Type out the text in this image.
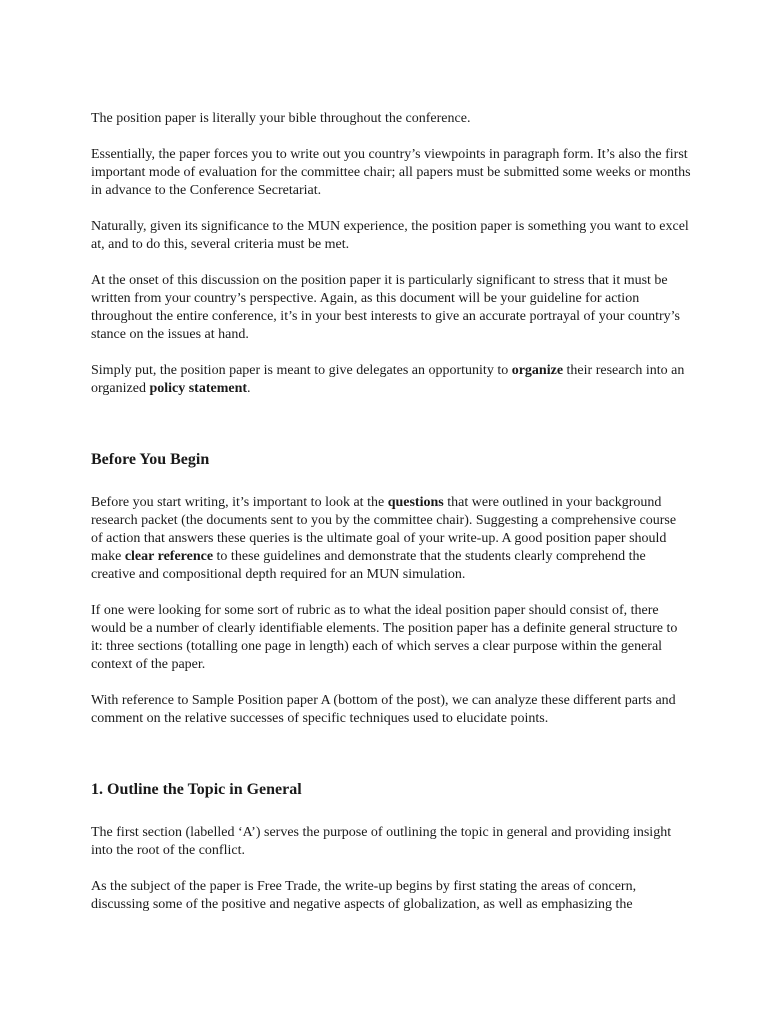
The position paper is literally your bible throughout the conference.

Essentially, the paper forces you to write out you country’s viewpoints in paragraph form. It’s also the first important mode of evaluation for the committee chair; all papers must be submitted some weeks or months in advance to the Conference Secretariat.

Naturally, given its significance to the MUN experience, the position paper is something you want to excel at, and to do this, several criteria must be met.

At the onset of this discussion on the position paper it is particularly significant to stress that it must be written from your country’s perspective. Again, as this document will be your guideline for action throughout the entire conference, it’s in your best interests to give an accurate portrayal of your country’s stance on the issues at hand.

Simply put, the position paper is meant to give delegates an opportunity to organize their research into an organized policy statement.

Before You Begin

Before you start writing, it’s important to look at the questions that were outlined in your background research packet (the documents sent to you by the committee chair). Suggesting a comprehensive course of action that answers these queries is the ultimate goal of your write-up. A good position paper should make clear reference to these guidelines and demonstrate that the students clearly comprehend the creative and compositional depth required for an MUN simulation.

If one were looking for some sort of rubric as to what the ideal position paper should consist of, there would be a number of clearly identifiable elements. The position paper has a definite general structure to it: three sections (totalling one page in length) each of which serves a clear purpose within the general context of the paper.

With reference to Sample Position paper A (bottom of the post), we can analyze these different parts and comment on the relative successes of specific techniques used to elucidate points.

1. Outline the Topic in General

The first section (labelled ‘A’) serves the purpose of outlining the topic in general and providing insight into the root of the conflict.

As the subject of the paper is Free Trade, the write-up begins by first stating the areas of concern, discussing some of the positive and negative aspects of globalization, as well as emphasizing the
